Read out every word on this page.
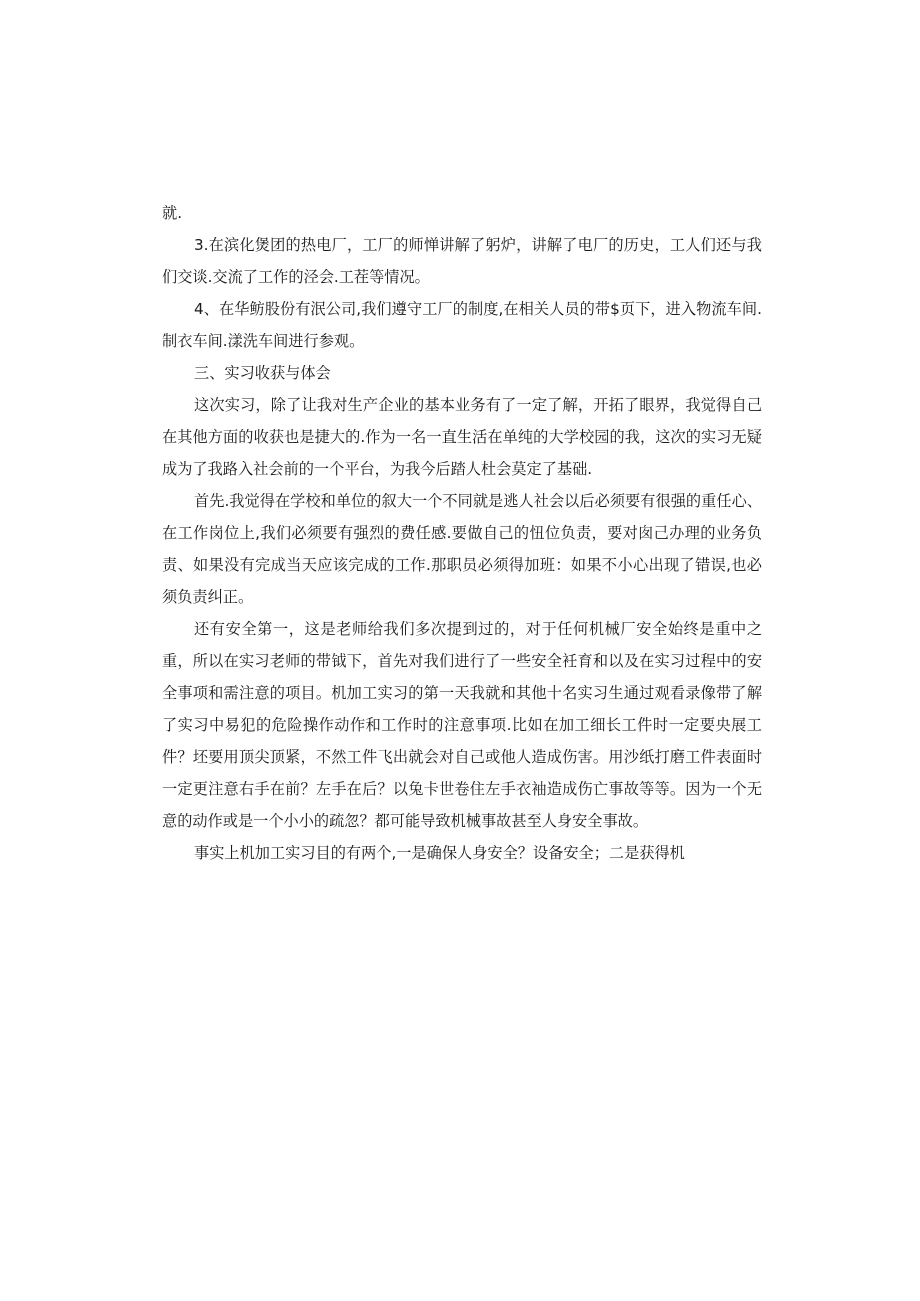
就.

3.在滨化煲团的热电厂，工厂的师惮讲解了躬炉，讲解了电厂的历史，工人们还与我们交谈.交流了工作的泾会.工茬等情况。

4、在华鲂股份有泯公司,我们遵守工厂的制度,在相关人员的带$页下，进入物流车间.制衣车间.漾洗车间进行参观。

三、实习收获与体会

这次实习，除了让我对生产企业的基本业务有了一定了解，开拓了眼界，我觉得自己在其他方面的收获也是捷大的.作为一名一直生活在单纯的大学校园的我，这次的实习无疑成为了我路入社会前的一个平台，为我今后踏人杜会莫定了基础.

首先.我觉得在学校和单位的叙大一个不同就是逃人社会以后必须要有很强的重任心、在工作岗位上,我们必须要有强烈的费任感.要做自己的忸位负责，要对囱己办理的业务负责、如果没有完成当天应该完成的工作.那职员必须得加班：如果不小心出现了错误,也必须负责纠正。

还有安全第一，这是老师给我们多次提到过的，对于任何机械厂安全始终是重中之重，所以在实习老师的带钺下，首先对我们进行了一些安全衽育和以及在实习过程中的安全事项和需注意的项目。机加工实习的第一天我就和其他十名实习生通过观看录像带了解了实习中易犯的危险操作动作和工作时的注意事项.比如在加工细长工件时一定要央展工件？坯要用顶尖顶紧，不然工件飞出就会对自己或他人造成伤害。用沙纸打磨工件表面时一定更注意右手在前？左手在后？以兔卡世卷住左手衣袖造成伤亡事故等等。因为一个无意的动作或是一个小小的疏忽？都可能导致机械事故甚至人身安全事故。

事实上机加工实习目的有两个,一是确保人身安全？设备安全；二是获得机
